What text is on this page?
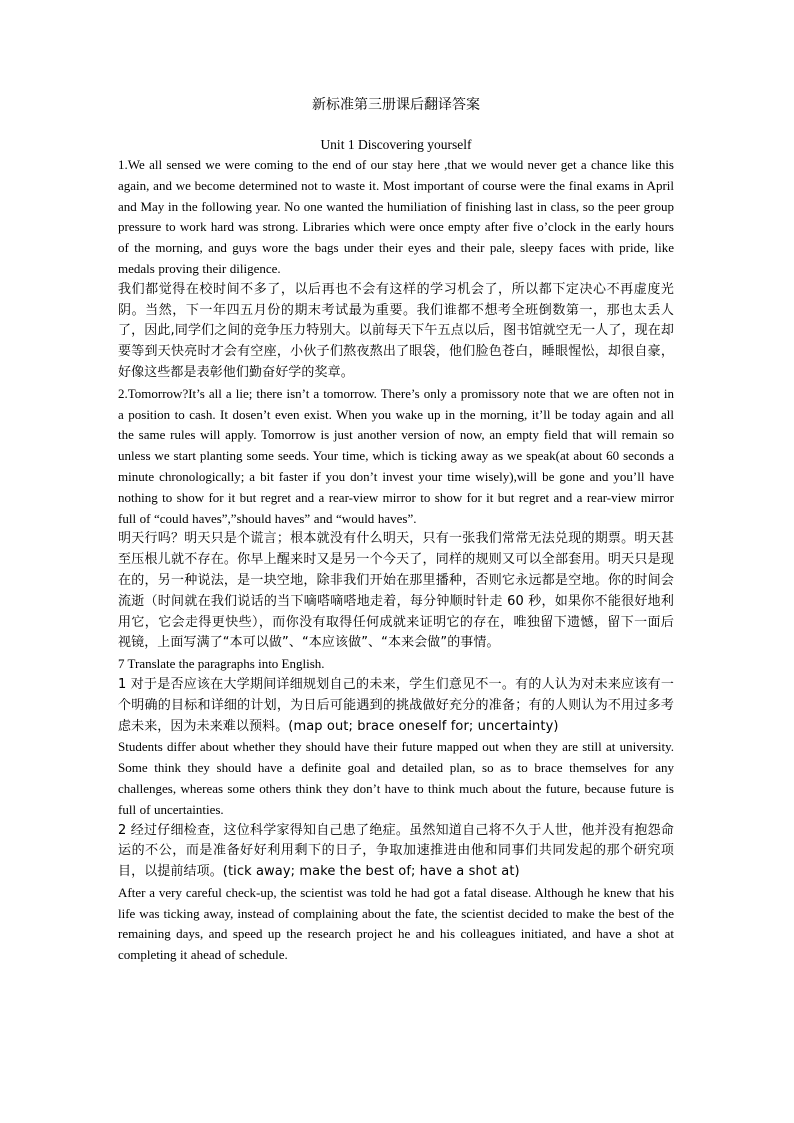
新标准第三册课后翻译答案
Unit 1 Discovering yourself

1.We all sensed we were coming to the end of our stay here ,that we would never get a chance like this again, and we become determined not to waste it. Most important of course were the final exams in April and May in the following year. No one wanted the humiliation of finishing last in class, so the peer group pressure to work hard was strong. Libraries which were once empty after five o’clock in the early hours of the morning, and guys wore the bags under their eyes and their pale, sleepy faces with pride, like medals proving their diligence.

我们都觉得在校时间不多了，以后再也不会有这样的学习机会了，所以都下定决心不再虚度光阴。当然，下一年四五月份的期末考试最为重要。我们谁都不想考全班倒数第一，那也太丢人了，因此,同学们之间的竞争压力特别大。以前每天下午五点以后，图书馆就空无一人了，现在却要等到天快亮时才会有空座，小伙子们熬夜熬出了眼袋，他们脸色苍白，睡眼惺忪，却很自豪，好像这些都是表彰他们勤奋好学的奖章。

2.Tomorrow?It’s all a lie; there isn’t a tomorrow. There’s only a promissory note that we are often not in a position to cash. It dosen’t even exist. When you wake up in the morning, it’ll be today again and all the same rules will apply. Tomorrow is just another version of now, an empty field that will remain so unless we start planting some seeds. Your time, which is ticking away as we speak(at about 60 seconds a minute chronologically; a bit faster if you don’t invest your time wisely),will be gone and you’ll have nothing to show for it but regret and a rear-view mirror to show for it but regret and a rear-view mirror full of “could haves”,”should haves” and “would haves”.

明天行吗？明天只是个谎言；根本就没有什么明天，只有一张我们常常无法兑现的期票。明天甚至压根儿就不存在。你早上醒来时又是另一个今天了，同样的规则又可以全部套用。明天只是现在的，另一种说法，是一块空地，除非我们开始在那里播种，否则它永远都是空地。你的时间会流逝（时间就在我们说话的当下嘀嗒嘀嗒地走着，每分钟顺时针走 60 秒，如果你不能很好地利用它，它会走得更快些），而你没有取得任何成就来证明它的存在，唯独留下遗憾，留下一面后视镜，上面写满了“本可以做”、“本应该做”、“本来会做”的事情。

7 Translate the paragraphs into English.

1 对于是否应该在大学期间详细规划自己的未来，学生们意见不一。有的人认为对未来应该有一个明确的目标和详细的计划，为日后可能遇到的挑战做好充分的准备；有的人则认为不用过多考虑未来，因为未来难以预料。(map out; brace oneself for; uncertainty)

Students differ about whether they should have their future mapped out when they are still at university. Some think they should have a definite goal and detailed plan, so as to brace themselves for any challenges, whereas some others think they don’t have to think much about the future, because future is full of uncertainties.

2 经过仔细检查，这位科学家得知自己患了绝症。虽然知道自己将不久于人世，他并没有抱怨命运的不公，而是准备好好利用剩下的日子，争取加速推进由他和同事们共同发起的那个研究项目，以提前结项。(tick away; make the best of; have a shot at)

After a very careful check-up, the scientist was told he had got a fatal disease. Although he knew that his life was ticking away, instead of complaining about the fate, the scientist decided to make the best of the remaining days, and speed up the research project he and his colleagues initiated, and have a shot at completing it ahead of schedule.
